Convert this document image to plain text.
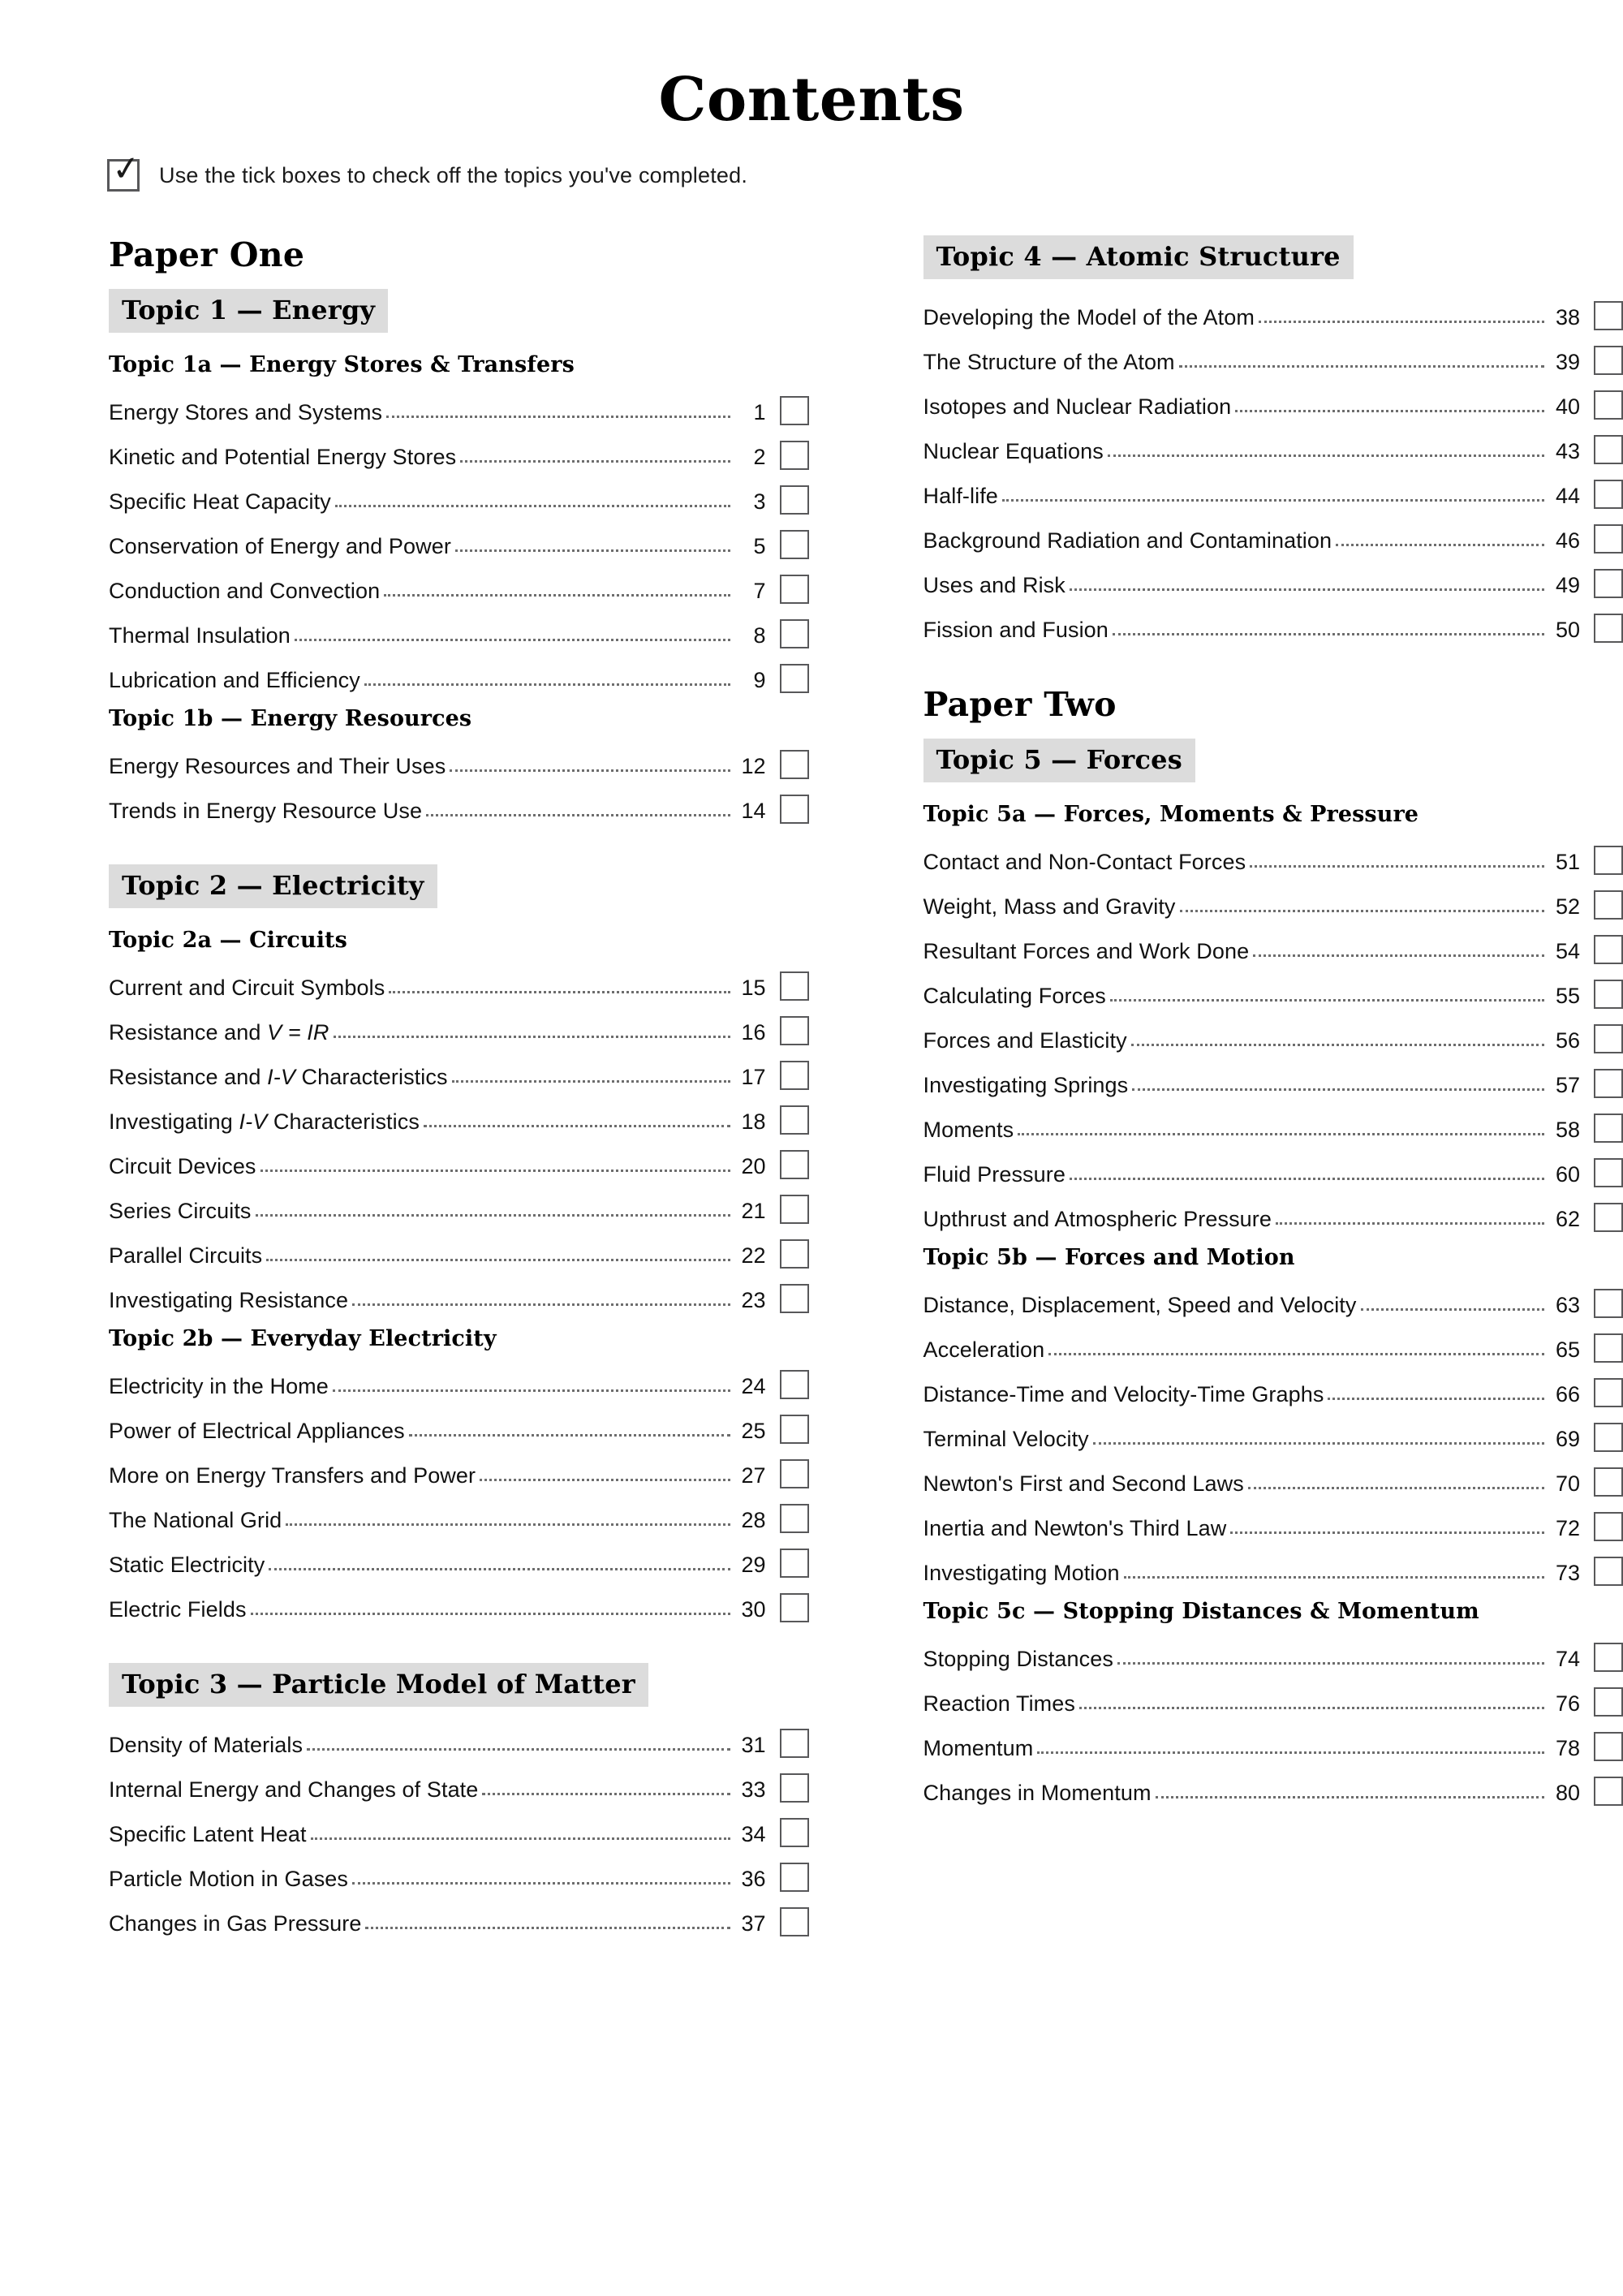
Contents
✓
Use the tick boxes to check off the topics you've completed.
Paper One
Topic 1 — Energy
Topic 1a — Energy Stores & Transfers
Energy Stores and Systems	1
Kinetic and Potential Energy Stores	2
Specific Heat Capacity	3
Conservation of Energy and Power	5
Conduction and Convection	7
Thermal Insulation	8
Lubrication and Efficiency	9
Topic 1b — Energy Resources
Energy Resources and Their Uses	12
Trends in Energy Resource Use	14
Topic 2 — Electricity
Topic 2a — Circuits
Current and Circuit Symbols	15
Resistance and V = IR	16
Resistance and I-V Characteristics	17
Investigating I-V Characteristics	18
Circuit Devices	20
Series Circuits	21
Parallel Circuits	22
Investigating Resistance	23
Topic 2b — Everyday Electricity
Electricity in the Home	24
Power of Electrical Appliances	25
More on Energy Transfers and Power	27
The National Grid	28
Static Electricity	29
Electric Fields	30
Topic 3 — Particle Model of Matter
Density of Materials	31
Internal Energy and Changes of State	33
Specific Latent Heat	34
Particle Motion in Gases	36
Changes in Gas Pressure	37
Topic 4 — Atomic Structure
Developing the Model of the Atom	38
The Structure of the Atom	39
Isotopes and Nuclear Radiation	40
Nuclear Equations	43
Half-life	44
Background Radiation and Contamination	46
Uses and Risk	49
Fission and Fusion	50
Paper Two
Topic 5 — Forces
Topic 5a — Forces, Moments & Pressure
Contact and Non-Contact Forces	51
Weight, Mass and Gravity	52
Resultant Forces and Work Done	54
Calculating Forces	55
Forces and Elasticity	56
Investigating Springs	57
Moments	58
Fluid Pressure	60
Upthrust and Atmospheric Pressure	62
Topic 5b — Forces and Motion
Distance, Displacement, Speed and Velocity	63
Acceleration	65
Distance-Time and Velocity-Time Graphs	66
Terminal Velocity	69
Newton's First and Second Laws	70
Inertia and Newton's Third Law	72
Investigating Motion	73
Topic 5c — Stopping Distances & Momentum
Stopping Distances	74
Reaction Times	76
Momentum	78
Changes in Momentum	80
